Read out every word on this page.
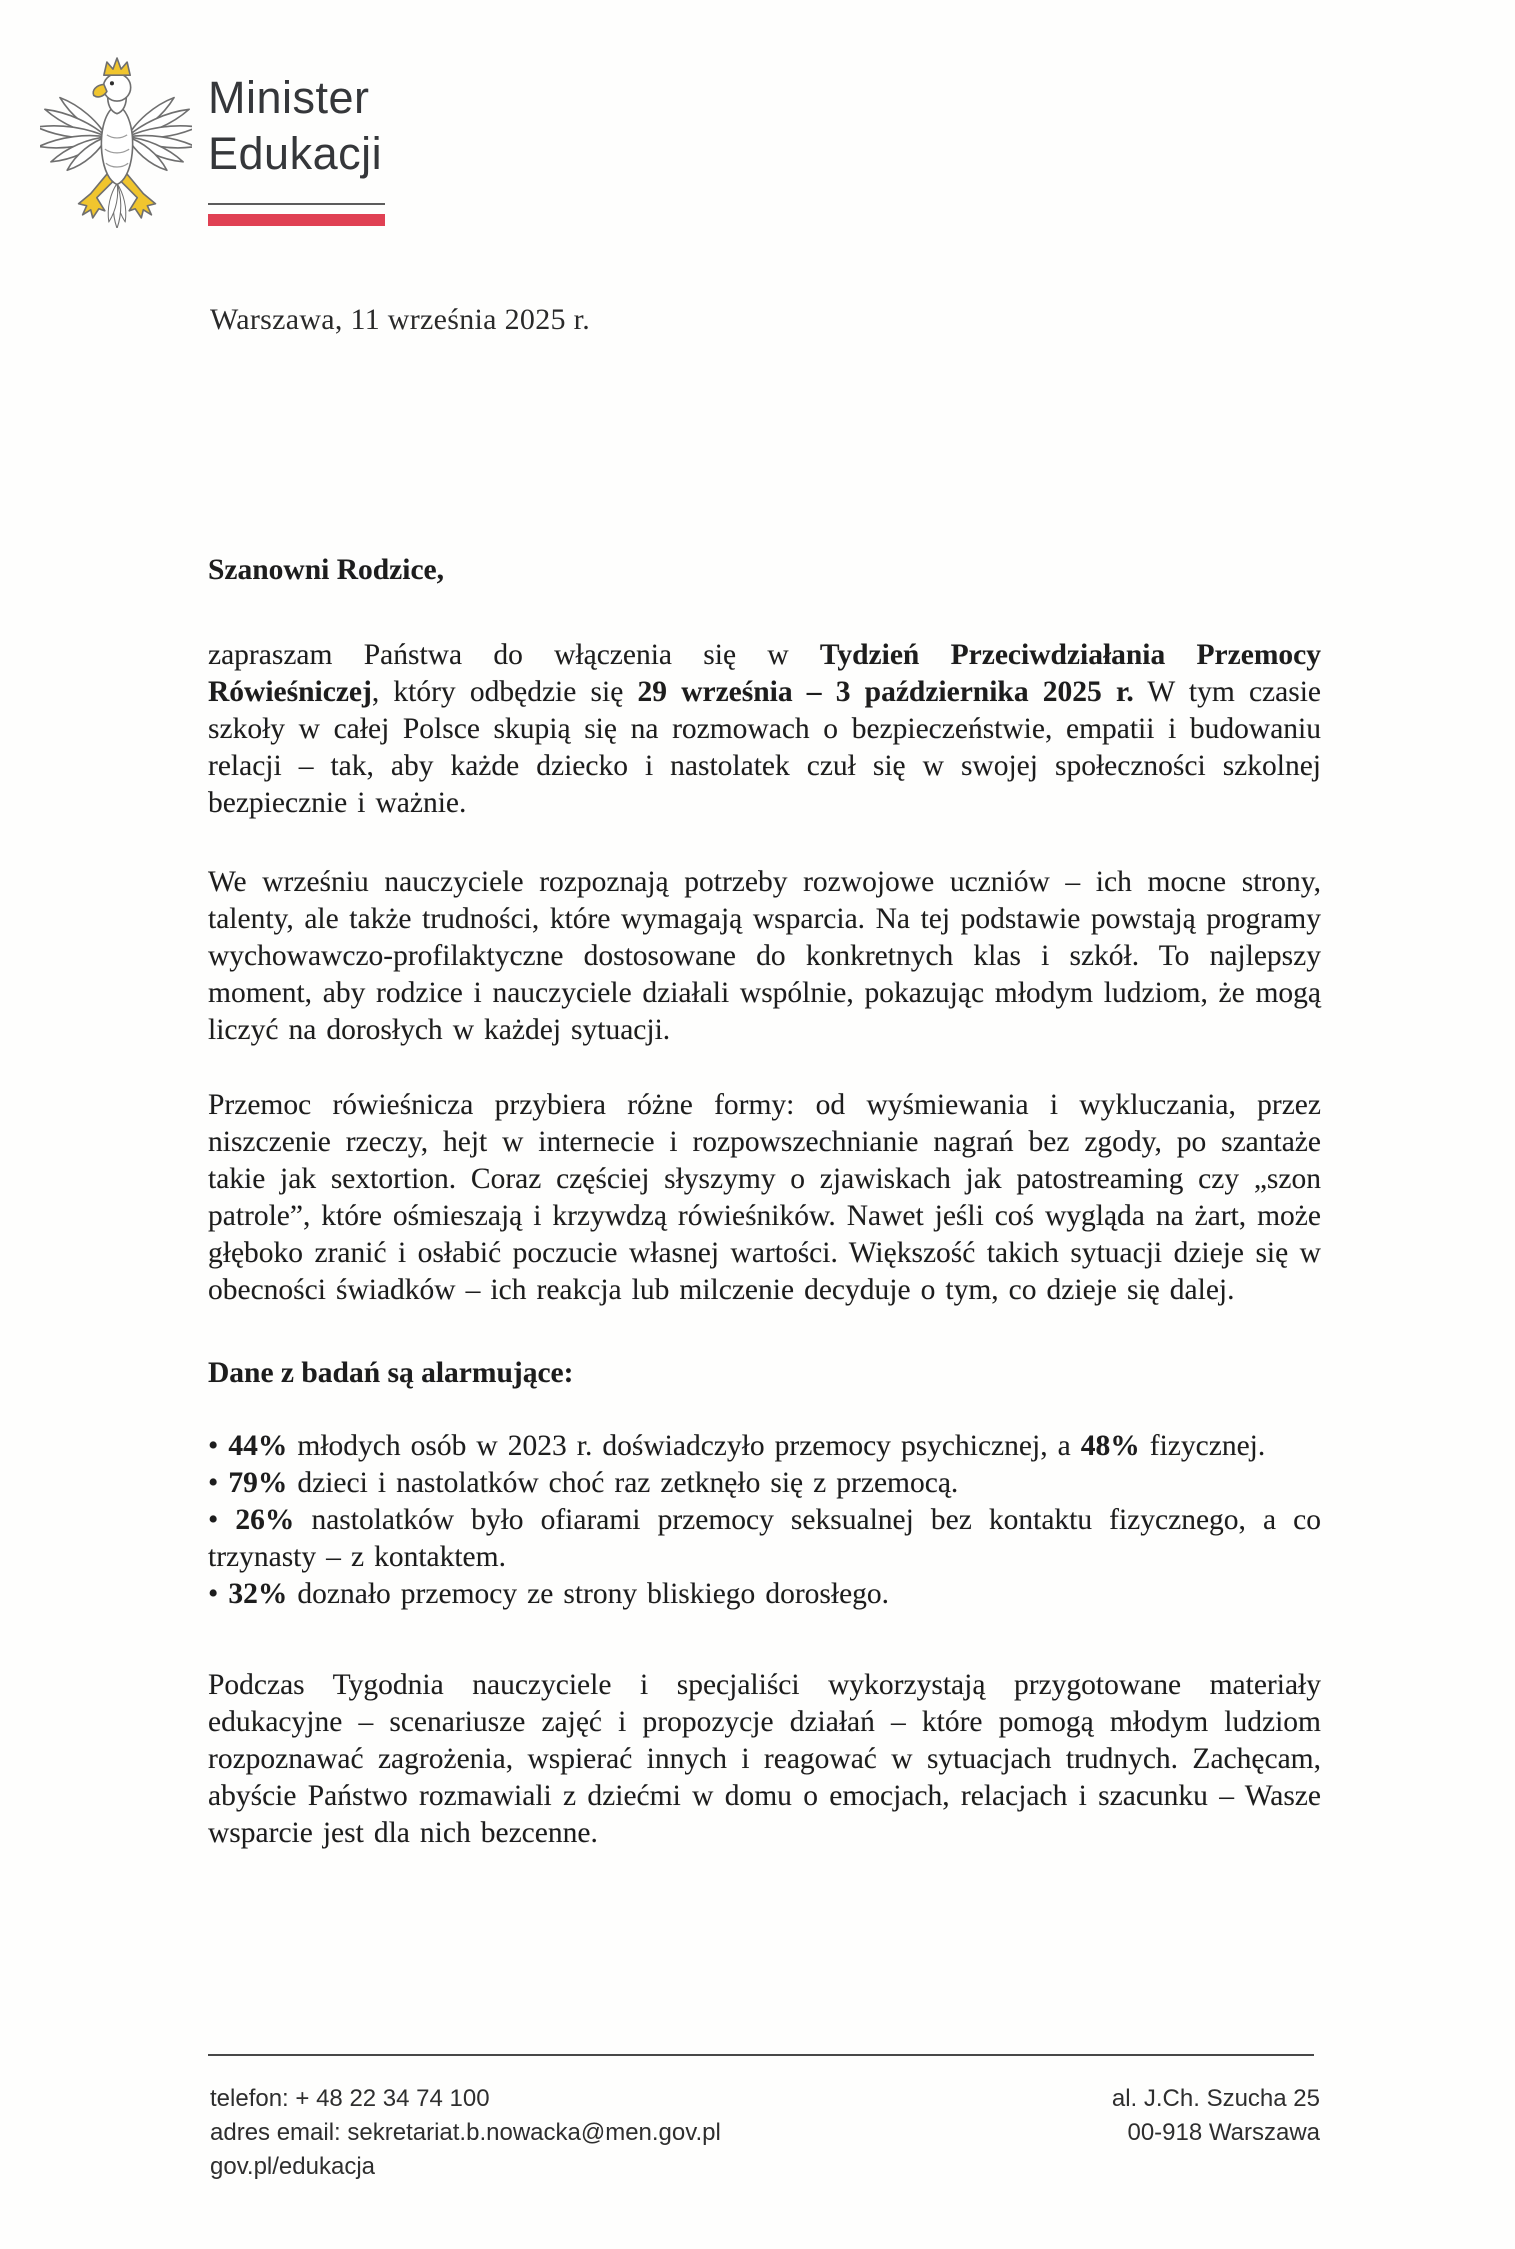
Minister
Edukacji
Warszawa, 11 września 2025 r.

Szanowni Rodzice,

zapraszam Państwa do włączenia się w Tydzień Przeciwdziałania Przemocy Rówieśniczej, który odbędzie się 29 września – 3 października 2025 r. W tym czasie szkoły w całej Polsce skupią się na rozmowach o bezpieczeństwie, empatii i budowaniu relacji – tak, aby każde dziecko i nastolatek czuł się w swojej społeczności szkolnej bezpiecznie i ważnie.

We wrześniu nauczyciele rozpoznają potrzeby rozwojowe uczniów – ich mocne strony, talenty, ale także trudności, które wymagają wsparcia. Na tej podstawie powstają programy wychowawczo-profilaktyczne dostosowane do konkretnych klas i szkół. To najlepszy moment, aby rodzice i nauczyciele działali wspólnie, pokazując młodym ludziom, że mogą liczyć na dorosłych w każdej sytuacji.

Przemoc rówieśnicza przybiera różne formy: od wyśmiewania i wykluczania, przez niszczenie rzeczy, hejt w internecie i rozpowszechnianie nagrań bez zgody, po szantaże takie jak sextortion. Coraz częściej słyszymy o zjawiskach jak patostreaming czy „szon patrole”, które ośmieszają i krzywdzą rówieśników. Nawet jeśli coś wygląda na żart, może głęboko zranić i osłabić poczucie własnej wartości. Większość takich sytuacji dzieje się w obecności świadków – ich reakcja lub milczenie decyduje o tym, co dzieje się dalej.

Dane z badań są alarmujące:

• 44% młodych osób w 2023 r. doświadczyło przemocy psychicznej, a 48% fizycznej.

• 79% dzieci i nastolatków choć raz zetknęło się z przemocą.

• 26% nastolatków było ofiarami przemocy seksualnej bez kontaktu fizycznego, a co trzynasty – z kontaktem.

• 32% doznało przemocy ze strony bliskiego dorosłego.

Podczas Tygodnia nauczyciele i specjaliści wykorzystają przygotowane materiały edukacyjne – scenariusze zajęć i propozycje działań – które pomogą młodym ludziom rozpoznawać zagrożenia, wspierać innych i reagować w sytuacjach trudnych. Zachęcam, abyście Państwo rozmawiali z dziećmi w domu o emocjach, relacjach i szacunku – Wasze wsparcie jest dla nich bezcenne.

telefon: + 48 22 34 74 100
adres email: sekretariat.b.nowacka@men.gov.pl
gov.pl/edukacja
al. J.Ch. Szucha 25
00-918 Warszawa
